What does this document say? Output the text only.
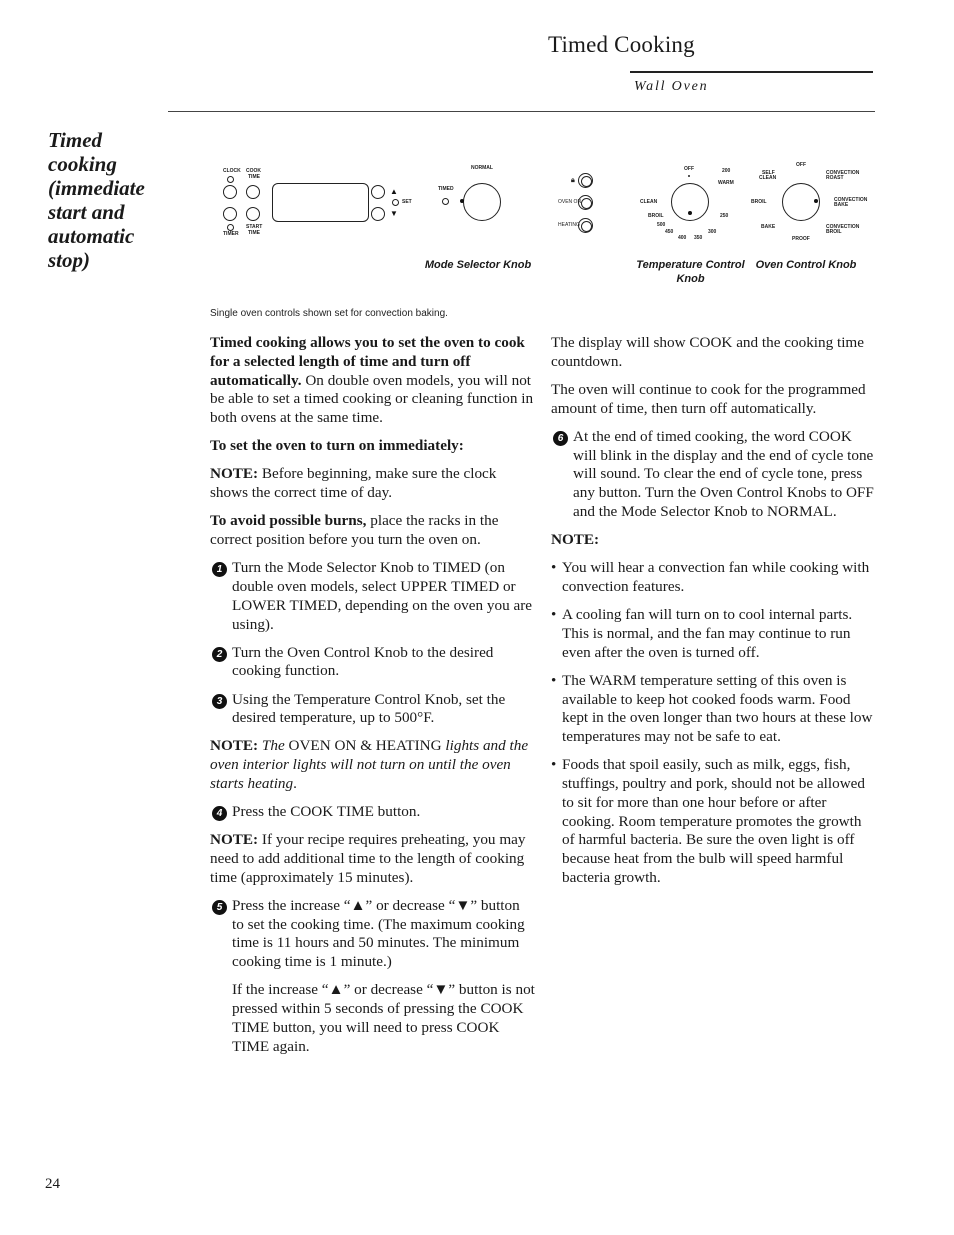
Timed Cooking
Wall Oven
Timed cooking (immediate start and automatic stop)
CLOCK COOK
TIME
TIMER
START
TIME
▲
▼
SET
NORMAL
TIMED
Mode Selector Knob
🔒︎
OVEN ON
HEATING
OFF
WARM
200
250
300
350
400
450
500
CLEAN
BROIL
Temperature Control
Knob
OFF
SELF
CLEAN
CONVECTION
ROAST
BROIL	CONVECTION
BAKE
BAKE	CONVECTION
BROIL
PROOF
Oven Control Knob
Single oven controls shown set for convection baking.

Timed cooking allows you to set the oven to cook for a selected length of time and turn off automatically. On double oven models, you will not be able to set a timed cooking or cleaning function in both ovens at the same time.

To set the oven to turn on immediately:

NOTE: Before beginning, make sure the clock shows the correct time of day.

To avoid possible burns, place the racks in the correct position before you turn the oven on.

1 Turn the Mode Selector Knob to TIMED (on double oven models, select UPPER TIMED or LOWER TIMED, depending on the oven you are using).
2 Turn the Oven Control Knob to the desired cooking function.
3 Using the Temperature Control Knob, set the desired temperature, up to 500°F.

NOTE: The OVEN ON & HEATING lights and the oven interior lights will not turn on until the oven starts heating.

4 Press the COOK TIME button.

NOTE: If your recipe requires preheating, you may need to add additional time to the length of cooking time (approximately 15 minutes).

5 Press the increase “▲” or decrease “▼” button to set the cooking time. (The maximum cooking time is 11 hours and 50 minutes. The minimum cooking time is 1 minute.)

If the increase “▲” or decrease “▼” button is not pressed within 5 seconds of pressing the COOK TIME button, you will need to press COOK TIME again.

The display will show COOK and the cooking time countdown.

The oven will continue to cook for the programmed amount of time, then turn off automatically.

6 At the end of timed cooking, the word COOK will blink in the display and the end of cycle tone will sound. To clear the end of cycle tone, press any button. Turn the Oven Control Knobs to OFF and the Mode Selector Knob to NORMAL.

NOTE:

• You will hear a convection fan while cooking with convection features.
• A cooling fan will turn on to cool internal parts. This is normal, and the fan may continue to run even after the oven is turned off.
• The WARM temperature setting of this oven is available to keep hot cooked foods warm. Food kept in the oven longer than two hours at these low temperatures may not be safe to eat.
• Foods that spoil easily, such as milk, eggs, fish, stuffings, poultry and pork, should not be allowed to sit for more than one hour before or after cooking. Room temperature promotes the growth of harmful bacteria. Be sure the oven light is off because heat from the bulb will speed harmful bacteria growth.
24
